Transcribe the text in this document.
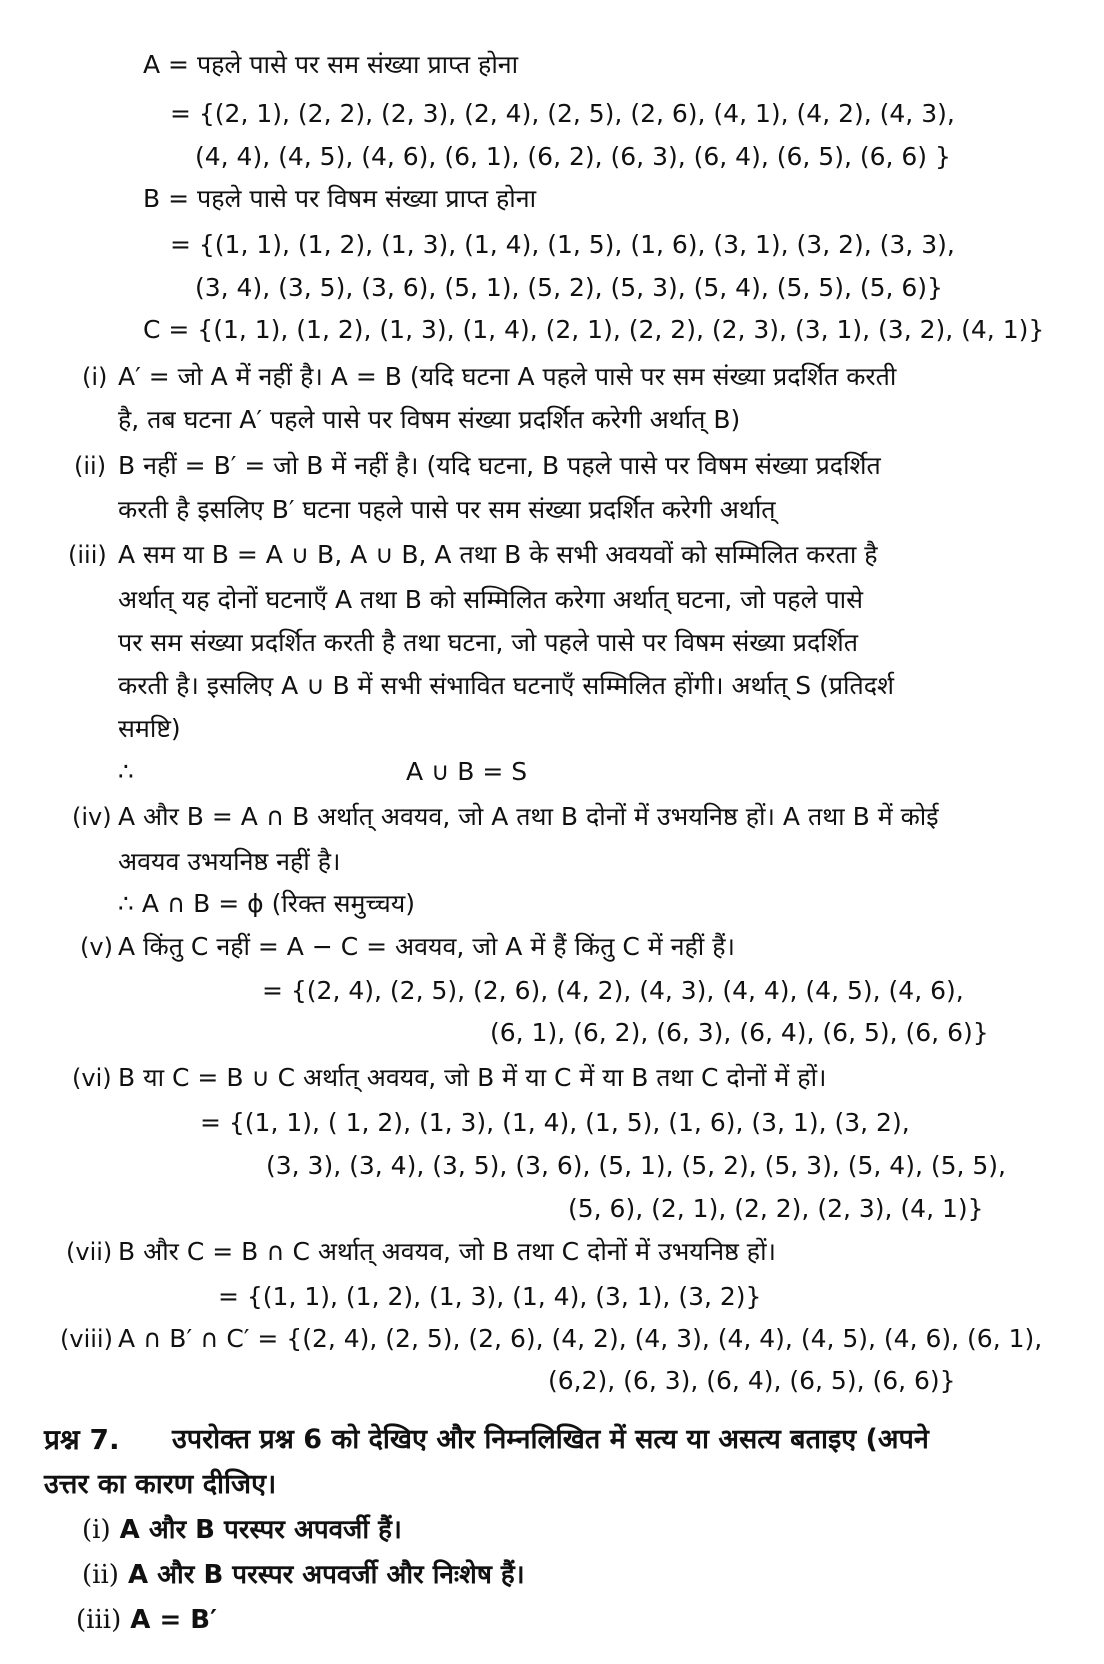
A = पहले पासे पर सम संख्या प्राप्त होना
= {(2, 1), (2, 2), (2, 3), (2, 4), (2, 5), (2, 6), (4, 1), (4, 2), (4, 3),
(4, 4), (4, 5), (4, 6), (6, 1), (6, 2), (6, 3), (6, 4), (6, 5), (6, 6) }
B = पहले पासे पर विषम संख्या प्राप्त होना
= {(1, 1), (1, 2), (1, 3), (1, 4), (1, 5), (1, 6), (3, 1), (3, 2), (3, 3),
(3, 4), (3, 5), (3, 6), (5, 1), (5, 2), (5, 3), (5, 4), (5, 5), (5, 6)}
C = {(1, 1), (1, 2), (1, 3), (1, 4), (2, 1), (2, 2), (2, 3), (3, 1), (3, 2), (4, 1)}
(i) A′ = जो A में नहीं है। A = B (यदि घटना A पहले पासे पर सम संख्या प्रदर्शित करती
है, तब घटना A′ पहले पासे पर विषम संख्या प्रदर्शित करेगी अर्थात् B)
(ii) B नहीं = B′ = जो B में नहीं है। (यदि घटना, B पहले पासे पर विषम संख्या प्रदर्शित
करती है इसलिए B′ घटना पहले पासे पर सम संख्या प्रदर्शित करेगी अर्थात्
(iii) A सम या B = A ∪ B, A ∪ B, A तथा B के सभी अवयवों को सम्मिलित करता है
अर्थात् यह दोनों घटनाएँ A तथा B को सम्मिलित करेगा अर्थात् घटना, जो पहले पासे
पर सम संख्या प्रदर्शित करती है तथा घटना, जो पहले पासे पर विषम संख्या प्रदर्शित
करती है। इसलिए A ∪ B में सभी संभावित घटनाएँ सम्मिलित होंगी। अर्थात् S (प्रतिदर्श
समष्टि)
∴	A ∪ B = S
(iv) A और B = A ∩ B अर्थात् अवयव, जो A तथा B दोनों में उभयनिष्ठ हों। A तथा B में कोई
अवयव उभयनिष्ठ नहीं है।
∴ A ∩ B = ϕ (रिक्त समुच्चय)
(v) A किंतु C नहीं = A − C = अवयव, जो A में हैं किंतु C में नहीं हैं।
= {(2, 4), (2, 5), (2, 6), (4, 2), (4, 3), (4, 4), (4, 5), (4, 6),
(6, 1), (6, 2), (6, 3), (6, 4), (6, 5), (6, 6)}
(vi) B या C = B ∪ C अर्थात् अवयव, जो B में या C में या B तथा C दोनों में हों।
= {(1, 1), ( 1, 2), (1, 3), (1, 4), (1, 5), (1, 6), (3, 1), (3, 2),
(3, 3), (3, 4), (3, 5), (3, 6), (5, 1), (5, 2), (5, 3), (5, 4), (5, 5),
(5, 6), (2, 1), (2, 2), (2, 3), (4, 1)}
(vii) B और C = B ∩ C अर्थात् अवयव, जो B तथा C दोनों में उभयनिष्ठ हों।
= {(1, 1), (1, 2), (1, 3), (1, 4), (3, 1), (3, 2)}
(viii) A ∩ B′ ∩ C′ = {(2, 4), (2, 5), (2, 6), (4, 2), (4, 3), (4, 4), (4, 5), (4, 6), (6, 1),
(6,2), (6, 3), (6, 4), (6, 5), (6, 6)}
प्रश्न 7. उपरोक्त प्रश्न 6 को देखिए और निम्नलिखित में सत्य या असत्य बताइए (अपने
उत्तर का कारण दीजिए।
(i) A और B परस्पर अपवर्जी हैं।
(ii) A और B परस्पर अपवर्जी और निःशेष हैं।
(iii) A = B′
